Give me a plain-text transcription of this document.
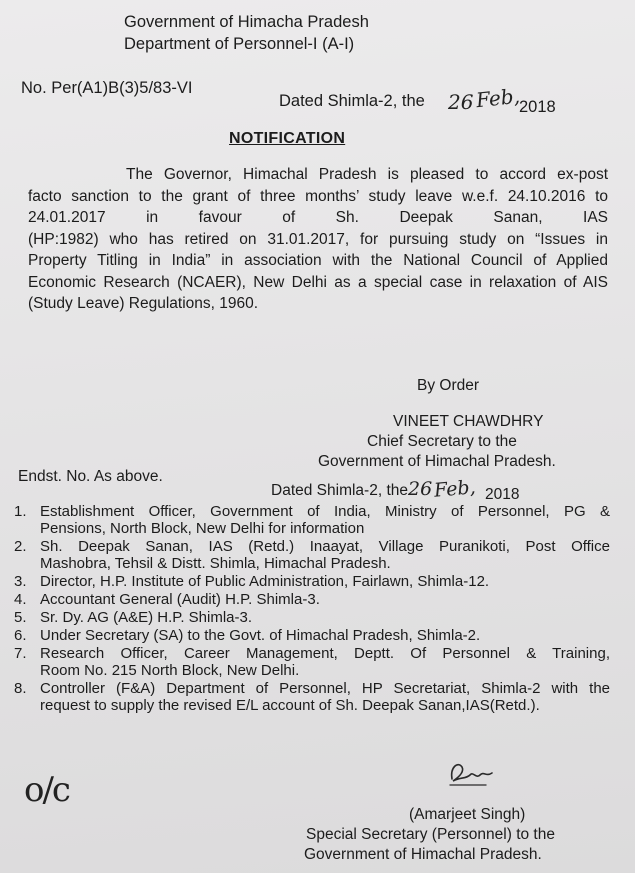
Government of Himacha Pradesh
Department of Personnel-I (A-I)
No. Per(A1)B(3)5/83-VI
Dated Shimla-2, the 26 Feb,
2018
NOTIFICATION

The Governor, Himachal Pradesh is pleased to accord ex-post

facto sanction to the grant of three months’ study leave w.e.f. 24.10.2016 to

24.01.2017 in favour of Sh. Deepak Sanan, IAS

(HP:1982) who has retired on 31.01.2017, for pursuing study on “Issues in

Property Titling in India” in association with the National Council of Applied

Economic Research (NCAER), New Delhi as a special case in relaxation of AIS

(Study Leave) Regulations, 1960.

By Order
VINEET CHAWDHRY
Chief Secretary to the
Government of Himachal Pradesh.
Endst. No. As above.
Dated Shimla-2, the 26 Feb, 2018
1. Establishment Officer, Government of India, Ministry of Personnel, PG &
Pensions, North Block, New Delhi for information
2. Sh. Deepak Sanan, IAS (Retd.) Inaayat, Village Puranikoti, Post Office
Mashobra, Tehsil & Distt. Shimla, Himachal Pradesh.
3. Director, H.P. Institute of Public Administration, Fairlawn, Shimla-12.
4. Accountant General (Audit) H.P. Shimla-3.
5. Sr. Dy. AG (A&E) H.P. Shimla-3.
6. Under Secretary (SA) to the Govt. of Himachal Pradesh, Shimla-2.
7. Research Officer, Career Management, Deptt. Of Personnel & Training,
Room No. 215 North Block, New Delhi.
8. Controller (F&A) Department of Personnel, HP Secretariat, Shimla-2 with the
request to supply the revised E/L account of Sh. Deepak Sanan,IAS(Retd.).
o/c
(Amarjeet Singh)
Special Secretary (Personnel) to the
Government of Himachal Pradesh.
